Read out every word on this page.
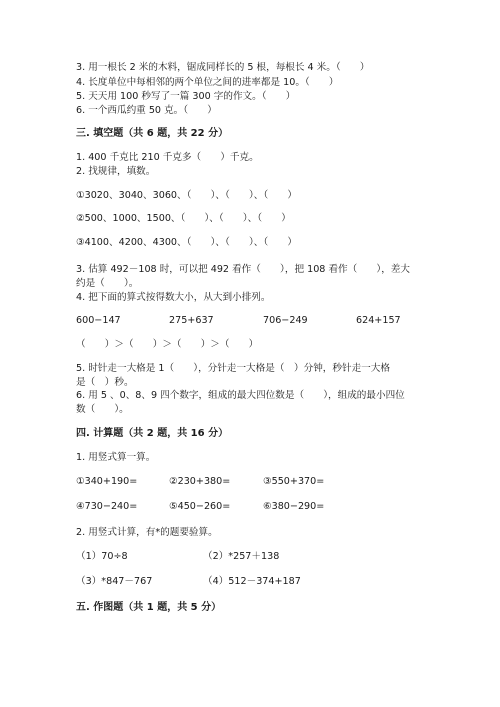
3. 用一根长 2 米的木料，锯成同样长的 5 根，每根长 4 米。（　　）
4. 长度单位中每相邻的两个单位之间的进率都是 10。（　　）
5. 天天用 100 秒写了一篇 300 字的作文。（　　）
6. 一个西瓜约重 50 克。（　　）
三. 填空题（共 6 题，共 22 分）
1. 400 千克比 210 千克多（　　）千克。
2. 找规律，填数。
①3020、3040、3060、（　　）、（　　）、（　　）
②500、1000、1500、（　　）、（　　）、（　　）
③4100、4200、4300、（　　）、（　　）、（　　）
3. 估算 492－108 时，可以把 492 看作（　　），把 108 看作（　　），差大
约是（　　）。
4. 把下面的算式按得数大小，从大到小排列。
600−147	275+637	706−249	624+157
（　　）＞（　　）＞（　　）＞（　　）
5. 时针走一大格是 1（　　），分针走一大格是（　）分钟，秒针走一大格
是（　）秒。
6. 用 5 、0、8、9 四个数字，组成的最大四位数是（　　），组成的最小四位
数（　　）。
四. 计算题（共 2 题，共 16 分）
1. 用竖式算一算。
①340+190=	②230+380=	③550+370=
④730−240=	⑤450−260=	⑥380−290=
2. 用竖式计算，有*的题要验算。
（1）70÷8	（2）*257＋138
（3）*847－767	（4）512－374+187
五. 作图题（共 1 题，共 5 分）
